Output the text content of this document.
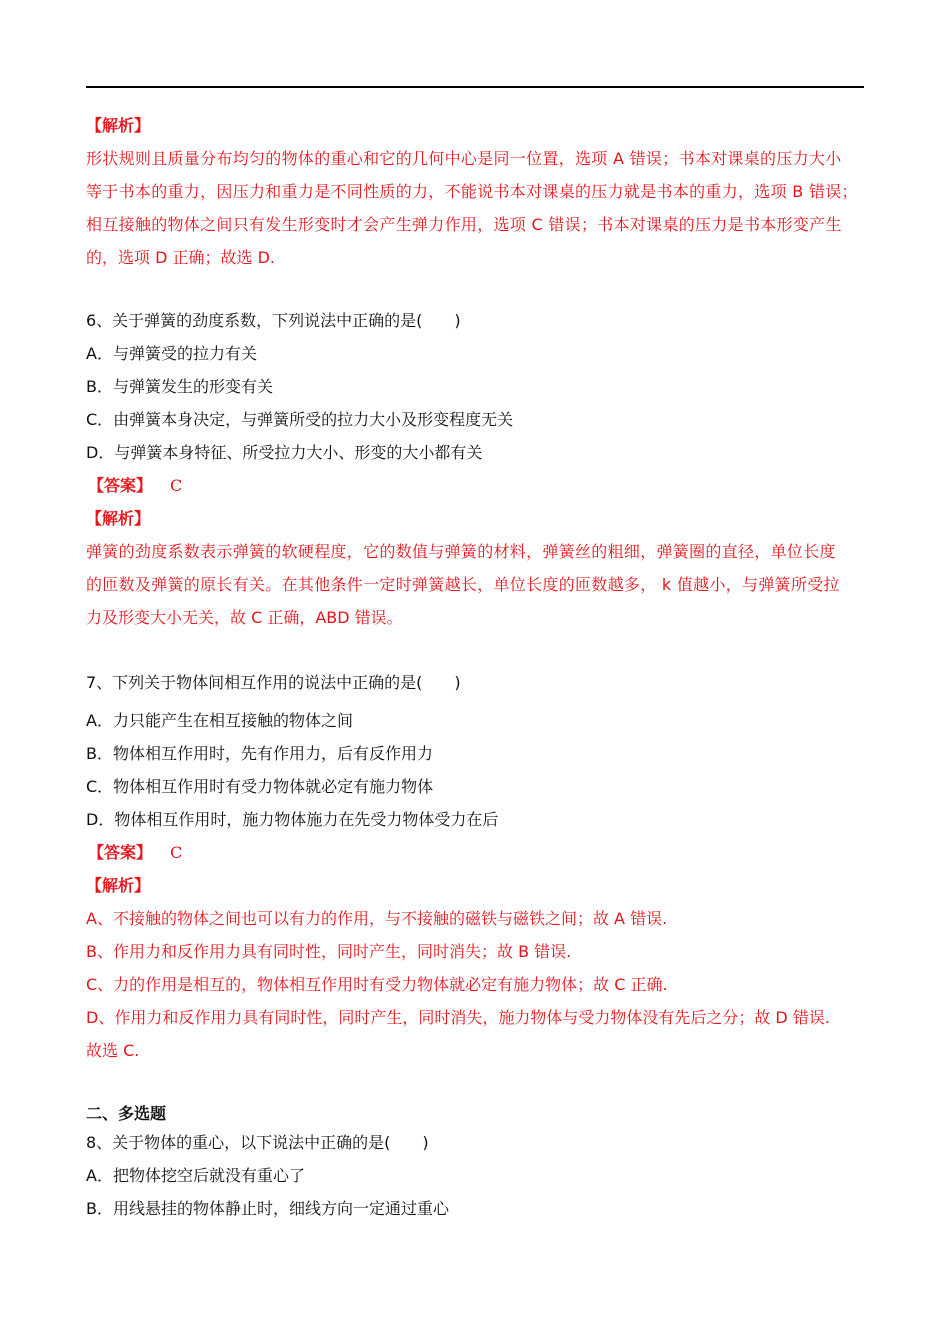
【解析】
形状规则且质量分布均匀的物体的重心和它的几何中心是同一位置，选项 A 错误；书本对课桌的压力大小
等于书本的重力，因压力和重力是不同性质的力，不能说书本对课桌的压力就是书本的重力，选项 B 错误；
相互接触的物体之间只有发生形变时才会产生弹力作用，选项 C 错误；书本对课桌的压力是书本形变产生
的，选项 D 正确；故选 D.
6、关于弹簧的劲度系数，下列说法中正确的是(　　)
A．与弹簧受的拉力有关
B．与弹簧发生的形变有关
C．由弹簧本身决定，与弹簧所受的拉力大小及形变程度无关
D．与弹簧本身特征、所受拉力大小、形变的大小都有关
【答案】 C
【解析】
弹簧的劲度系数表示弹簧的软硬程度，它的数值与弹簧的材料，弹簧丝的粗细，弹簧圈的直径，单位长度
的匝数及弹簧的原长有关。在其他条件一定时弹簧越长，单位长度的匝数越多， k 值越小，与弹簧所受拉
力及形变大小无关，故 C 正确，ABD 错误。
7、下列关于物体间相互作用的说法中正确的是(　　)
A．力只能产生在相互接触的物体之间
B．物体相互作用时，先有作用力，后有反作用力
C．物体相互作用时有受力物体就必定有施力物体
D．物体相互作用时，施力物体施力在先受力物体受力在后
【答案】 C
【解析】
A、不接触的物体之间也可以有力的作用，与不接触的磁铁与磁铁之间；故 A 错误.
B、作用力和反作用力具有同时性，同时产生，同时消失；故 B 错误.
C、力的作用是相互的，物体相互作用时有受力物体就必定有施力物体；故 C 正确.
D、作用力和反作用力具有同时性，同时产生，同时消失，施力物体与受力物体没有先后之分；故 D 错误.
故选 C.
二、多选题
8、关于物体的重心，以下说法中正确的是(　　)
A．把物体挖空后就没有重心了
B．用线悬挂的物体静止时，细线方向一定通过重心
